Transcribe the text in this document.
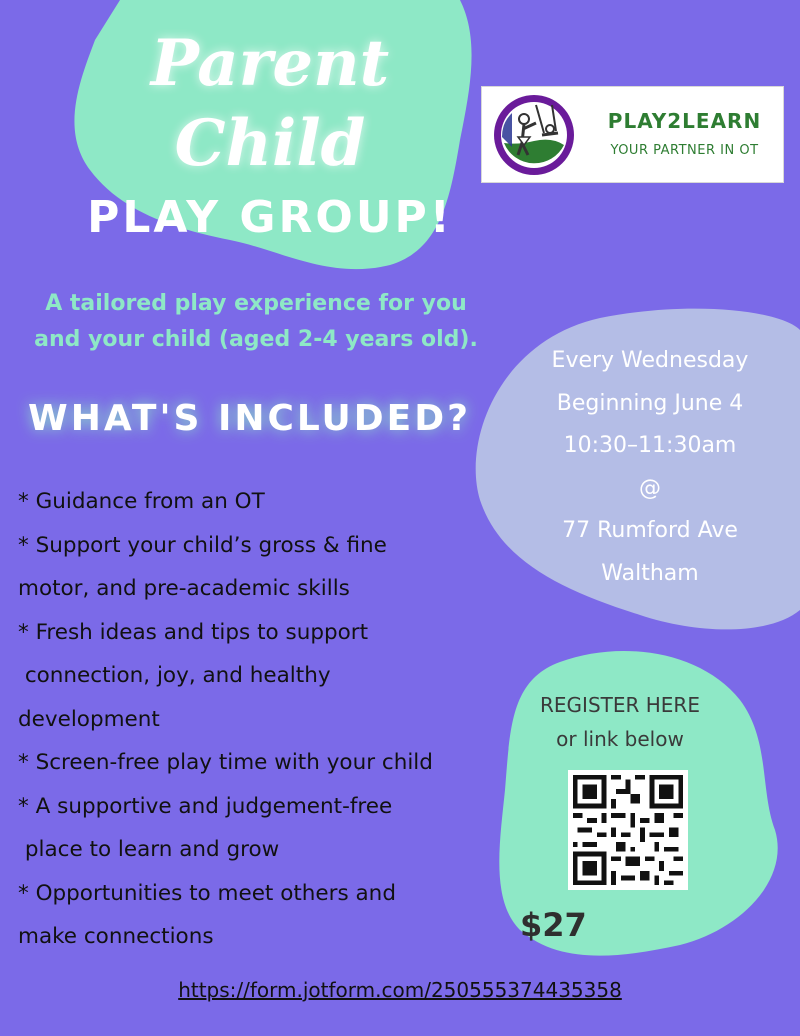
Parent
Child
PLAY GROUP!
PLAY2LEARN
YOUR PARTNER IN OT
A tailored play experience for you
and your child (aged 2-4 years old).
WHAT'S INCLUDED?
* Guidance from an OT
* Support your child’s gross & fine
motor, and pre-academic skills
* Fresh ideas and tips to support
connection, joy, and healthy
development
* Screen-free play time with your child
* A supportive and judgement-free
place to learn and grow
* Opportunities to meet others and
make connections
Every Wednesday
Beginning June 4
10:30–11:30am
@
77 Rumford Ave
Waltham
REGISTER HERE
or link below
$27
https://form.jotform.com/250555374435358
